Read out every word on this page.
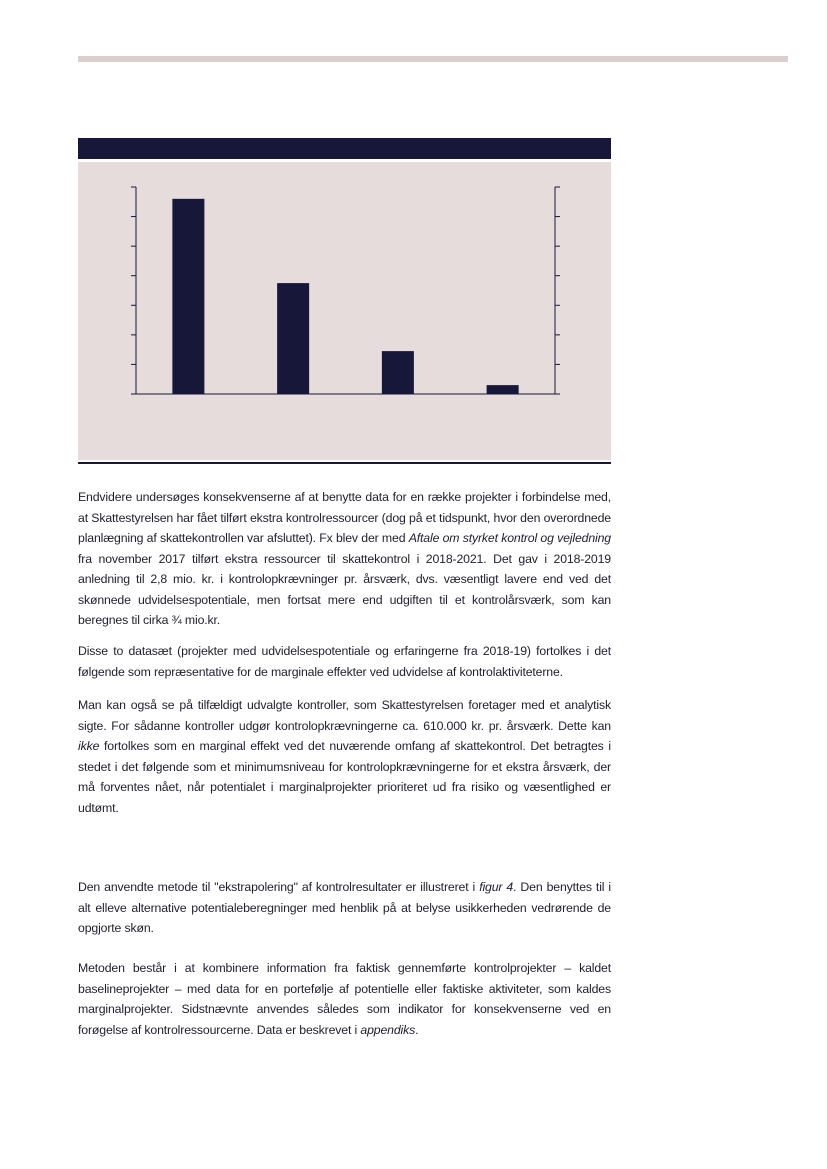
Endvidere undersøges konsekvenserne af at benytte data for en række projekter i forbindelse med, at Skattestyrelsen har fået tilført ekstra kontrolressourcer (dog på et tidspunkt, hvor den overordnede planlægning af skattekontrollen var afsluttet). Fx blev der med Aftale om styrket kontrol og vejledning fra november 2017 tilført ekstra ressourcer til skattekontrol i 2018-2021. Det gav i 2018-2019 anledning til 2,8 mio. kr. i kontrolopkrævninger pr. årsværk, dvs. væsentligt lavere end ved det skønnede udvidelsespotentiale, men fortsat mere end udgiften til et kontrolårsværk, som kan beregnes til cirka ¾ mio.kr.

Disse to datasæt (projekter med udvidelsespotentiale og erfaringerne fra 2018-19) fortolkes i det følgende som repræsentative for de marginale effekter ved udvidelse af kontrolaktiviteterne.

Man kan også se på tilfældigt udvalgte kontroller, som Skattestyrelsen foretager med et analytisk sigte. For sådanne kontroller udgør kontrolopkrævningerne ca. 610.000 kr. pr. årsværk. Dette kan ikke fortolkes som en marginal effekt ved det nuværende omfang af skattekontrol. Det betragtes i stedet i det følgende som et minimumsniveau for kontrolopkrævningerne for et ekstra årsværk, der må forventes nået, når potentialet i marginalprojekter prioriteret ud fra risiko og væsentlighed er udtømt.

Den anvendte metode til "ekstrapolering" af kontrolresultater er illustreret i figur 4. Den benyttes til i alt elleve alternative potentialeberegninger med henblik på at belyse usikkerheden vedrørende de opgjorte skøn.

Metoden består i at kombinere information fra faktisk gennemførte kontrolprojekter – kaldet baselineprojekter – med data for en portefølje af potentielle eller faktiske aktiviteter, som kaldes marginalprojekter. Sidstnævnte anvendes således som indikator for konsekvenserne ved en forøgelse af kontrolressourcerne. Data er beskrevet i appendiks.
